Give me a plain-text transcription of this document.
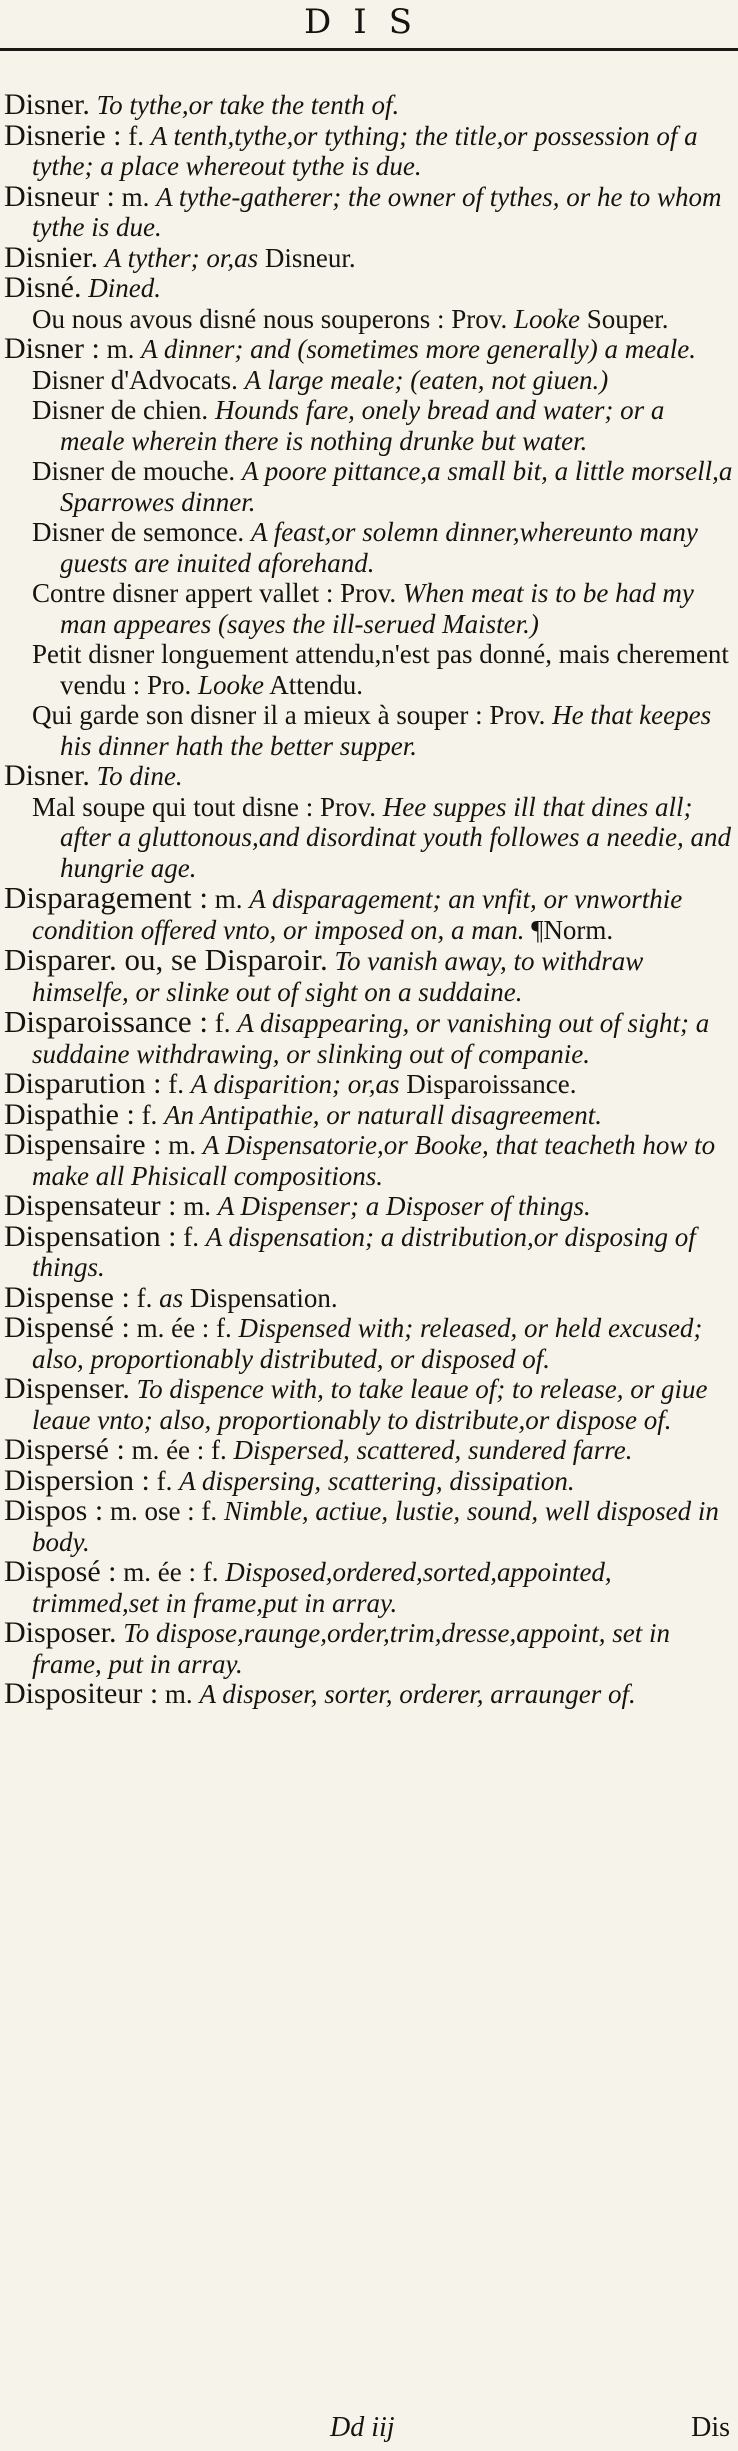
DIS

Disner. To tythe,or take the tenth of.

Disnerie : f. A tenth,tythe,or tything; the title,or possession of a tythe; a place whereout tythe is due.

Disneur : m. A tythe-gatherer; the owner of tythes, or he to whom tythe is due.

Disnier. A tyther; or,as Disneur.

Disné. Dined.

Ou nous avous disné nous souperons : Prov. Looke Souper.

Disner : m. A dinner; and (sometimes more generally) a meale.

Disner d'Advocats. A large meale; (eaten, not giuen.)

Disner de chien. Hounds fare, onely bread and water; or a meale wherein there is nothing drunke but water.

Disner de mouche. A poore pittance,a small bit, a little morsell,a Sparrowes dinner.

Disner de semonce. A feast,or solemn dinner,whereunto many guests are inuited aforehand.

Contre disner appert vallet : Prov. When meat is to be had my man appeares (sayes the ill-serued Maister.)

Petit disner longuement attendu,n'est pas donné, mais cherement vendu : Pro. Looke Attendu.

Qui garde son disner il a mieux à souper : Prov. He that keepes his dinner hath the better supper.

Disner. To dine.

Mal soupe qui tout disne : Prov. Hee suppes ill that dines all; after a gluttonous,and disordinat youth followes a needie, and hungrie age.

Disparagement : m. A disparagement; an vnfit, or vnworthie condition offered vnto, or imposed on, a man. ¶Norm.

Disparer. ou, se Disparoir. To vanish away, to withdraw himselfe, or slinke out of sight on a suddaine.

Disparoissance : f. A disappearing, or vanishing out of sight; a suddaine withdrawing, or slinking out of companie.

Disparution : f. A disparition; or,as Disparoissance.

Dispathie : f. An Antipathie, or naturall disagreement.

Dispensaire : m. A Dispensatorie,or Booke, that teacheth how to make all Phisicall compositions.

Dispensateur : m. A Dispenser; a Disposer of things.

Dispensation : f. A dispensation; a distribution,or disposing of things.

Dispense : f. as Dispensation.

Dispensé : m. ée : f. Dispensed with; released, or held excused; also, proportionably distributed, or disposed of.

Dispenser. To dispence with, to take leaue of; to release, or giue leaue vnto; also, proportionably to distribute,or dispose of.

Dispersé : m. ée : f. Dispersed, scattered, sundered farre.

Dispersion : f. A dispersing, scattering, dissipation.

Dispos : m. ose : f. Nimble, actiue, lustie, sound, well disposed in body.

Disposé : m. ée : f. Disposed,ordered,sorted,appointed, trimmed,set in frame,put in array.

Disposer. To dispose,raunge,order,trim,dresse,appoint, set in frame, put in array.

Dispositeur : m. A disposer, sorter, orderer, arraunger of.

Dd iij	Dis
